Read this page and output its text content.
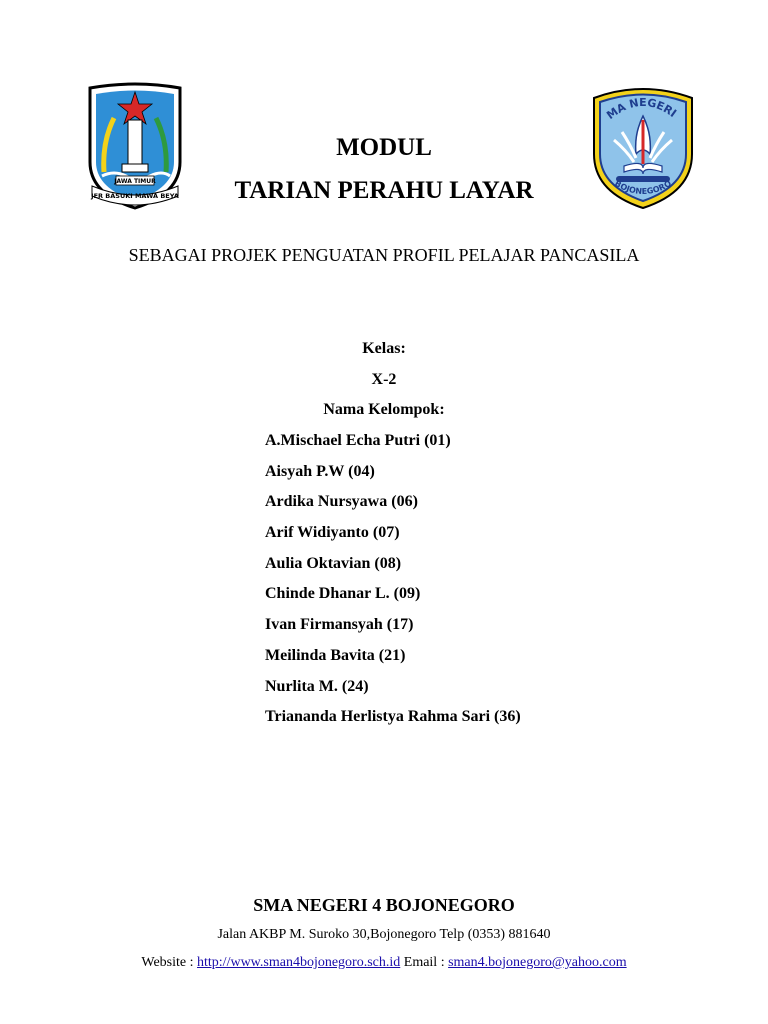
JAWA TIMUR
JER BASUKI MAWA BEYA
MA NEGERI
BOJONEGORO
MODUL
TARIAN PERAHU LAYAR
SEBAGAI PROJEK PENGUATAN PROFIL PELAJAR PANCASILA
Kelas:
X-2
Nama Kelompok:
A.Mischael Echa Putri (01)
Aisyah P.W (04)
Ardika Nursyawa (06)
Arif Widiyanto (07)
Aulia Oktavian (08)
Chinde Dhanar L. (09)
Ivan Firmansyah (17)
Meilinda Bavita (21)
Nurlita M. (24)
Triananda Herlistya Rahma Sari (36)
SMA NEGERI 4 BOJONEGORO
Jalan AKBP M. Suroko 30,Bojonegoro Telp (0353) 881640
Website : http://www.sman4bojonegoro.sch.id Email : sman4.bojonegoro@yahoo.com
